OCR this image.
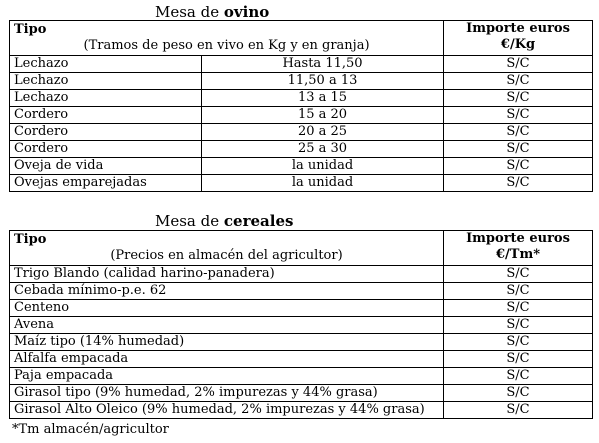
Mesa de ovino
Tipo
(Tramos de peso en vivo en Kg y en granja)		Importe euros
€/Kg

Lechazo	Hasta 11,50	S/C
Lechazo	11,50 a 13	S/C
Lechazo	13 a 15	S/C
Cordero	15 a 20	S/C
Cordero	20 a 25	S/C
Cordero	25 a 30	S/C
Oveja de vida	la unidad	S/C
Ovejas emparejadas	la unidad	S/C
Mesa de cereales
Tipo
(Precios en almacén del agricultor)	Importe euros
€/Tm*

Trigo Blando (calidad harino-panadera)	S/C
Cebada mínimo-p.e. 62	S/C
Centeno	S/C
Avena	S/C
Maíz tipo (14% humedad)	S/C
Alfalfa empacada	S/C
Paja empacada	S/C
Girasol tipo (9% humedad, 2% impurezas y 44% grasa)	S/C
Girasol Alto Oleico (9% humedad, 2% impurezas y 44% grasa)	S/C
*Tm almacén/agricultor
